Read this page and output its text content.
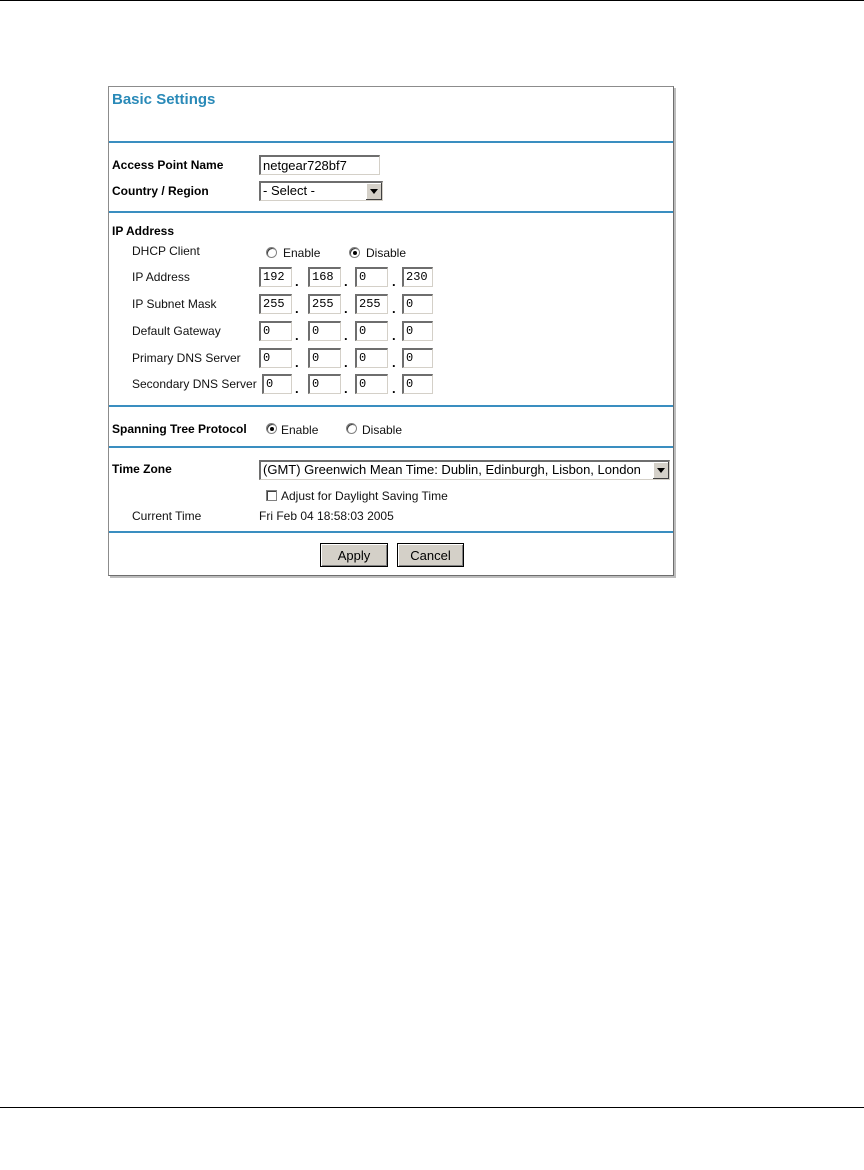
Basic Settings
Access Point Name	netgear728bf7
Country / Region	- Select -
IP Address
DHCP Client	Enable	Disable
IP Address	192 .	168 . 0	. 230
IP Subnet Mask	255 .	255 . 255 . 0
Default Gateway	0	.	0	. 0	. 0
Primary DNS Server	0	.	0	. 0	. 0
Secondary DNS Server 0	.	0	. 0	. 0
Spanning Tree Protocol	Enable	Disable
Time Zone	(GMT) Greenwich Mean Time: Dublin, Edinburgh, Lisbon, London
Adjust for Daylight Saving Time
Current Time	Fri Feb 04 18:58:03 2005
Apply	Cancel
